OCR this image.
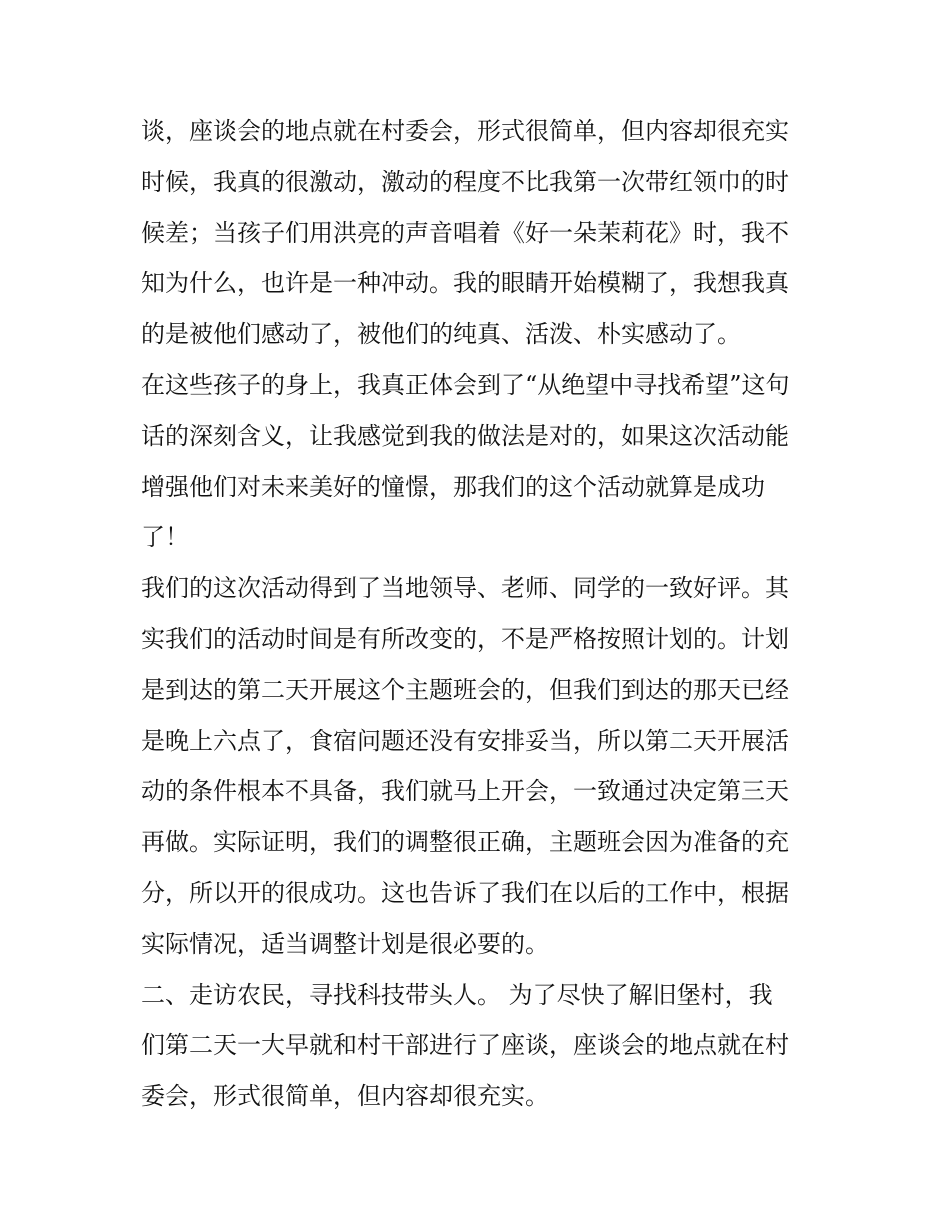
谈，座谈会的地点就在村委会，形式很简单，但内容却很充实

时候，我真的很激动，激动的程度不比我第一次带红领巾的时

候差；当孩子们用洪亮的声音唱着《好一朵茉莉花》时，我不

知为什么，也许是一种冲动。我的眼睛开始模糊了，我想我真

的是被他们感动了，被他们的纯真、活泼、朴实感动了。

在这些孩子的身上，我真正体会到了“从绝望中寻找希望”这句

话的深刻含义，让我感觉到我的做法是对的，如果这次活动能

增强他们对未来美好的憧憬，那我们的这个活动就算是成功

了！

我们的这次活动得到了当地领导、老师、同学的一致好评。其

实我们的活动时间是有所改变的，不是严格按照计划的。计划

是到达的第二天开展这个主题班会的，但我们到达的那天已经

是晚上六点了，食宿问题还没有安排妥当，所以第二天开展活

动的条件根本不具备，我们就马上开会，一致通过决定第三天

再做。实际证明，我们的调整很正确，主题班会因为准备的充

分，所以开的很成功。这也告诉了我们在以后的工作中，根据

实际情况，适当调整计划是很必要的。

二、走访农民，寻找科技带头人。 为了尽快了解旧堡村，我

们第二天一大早就和村干部进行了座谈，座谈会的地点就在村

委会，形式很简单，但内容却很充实。
